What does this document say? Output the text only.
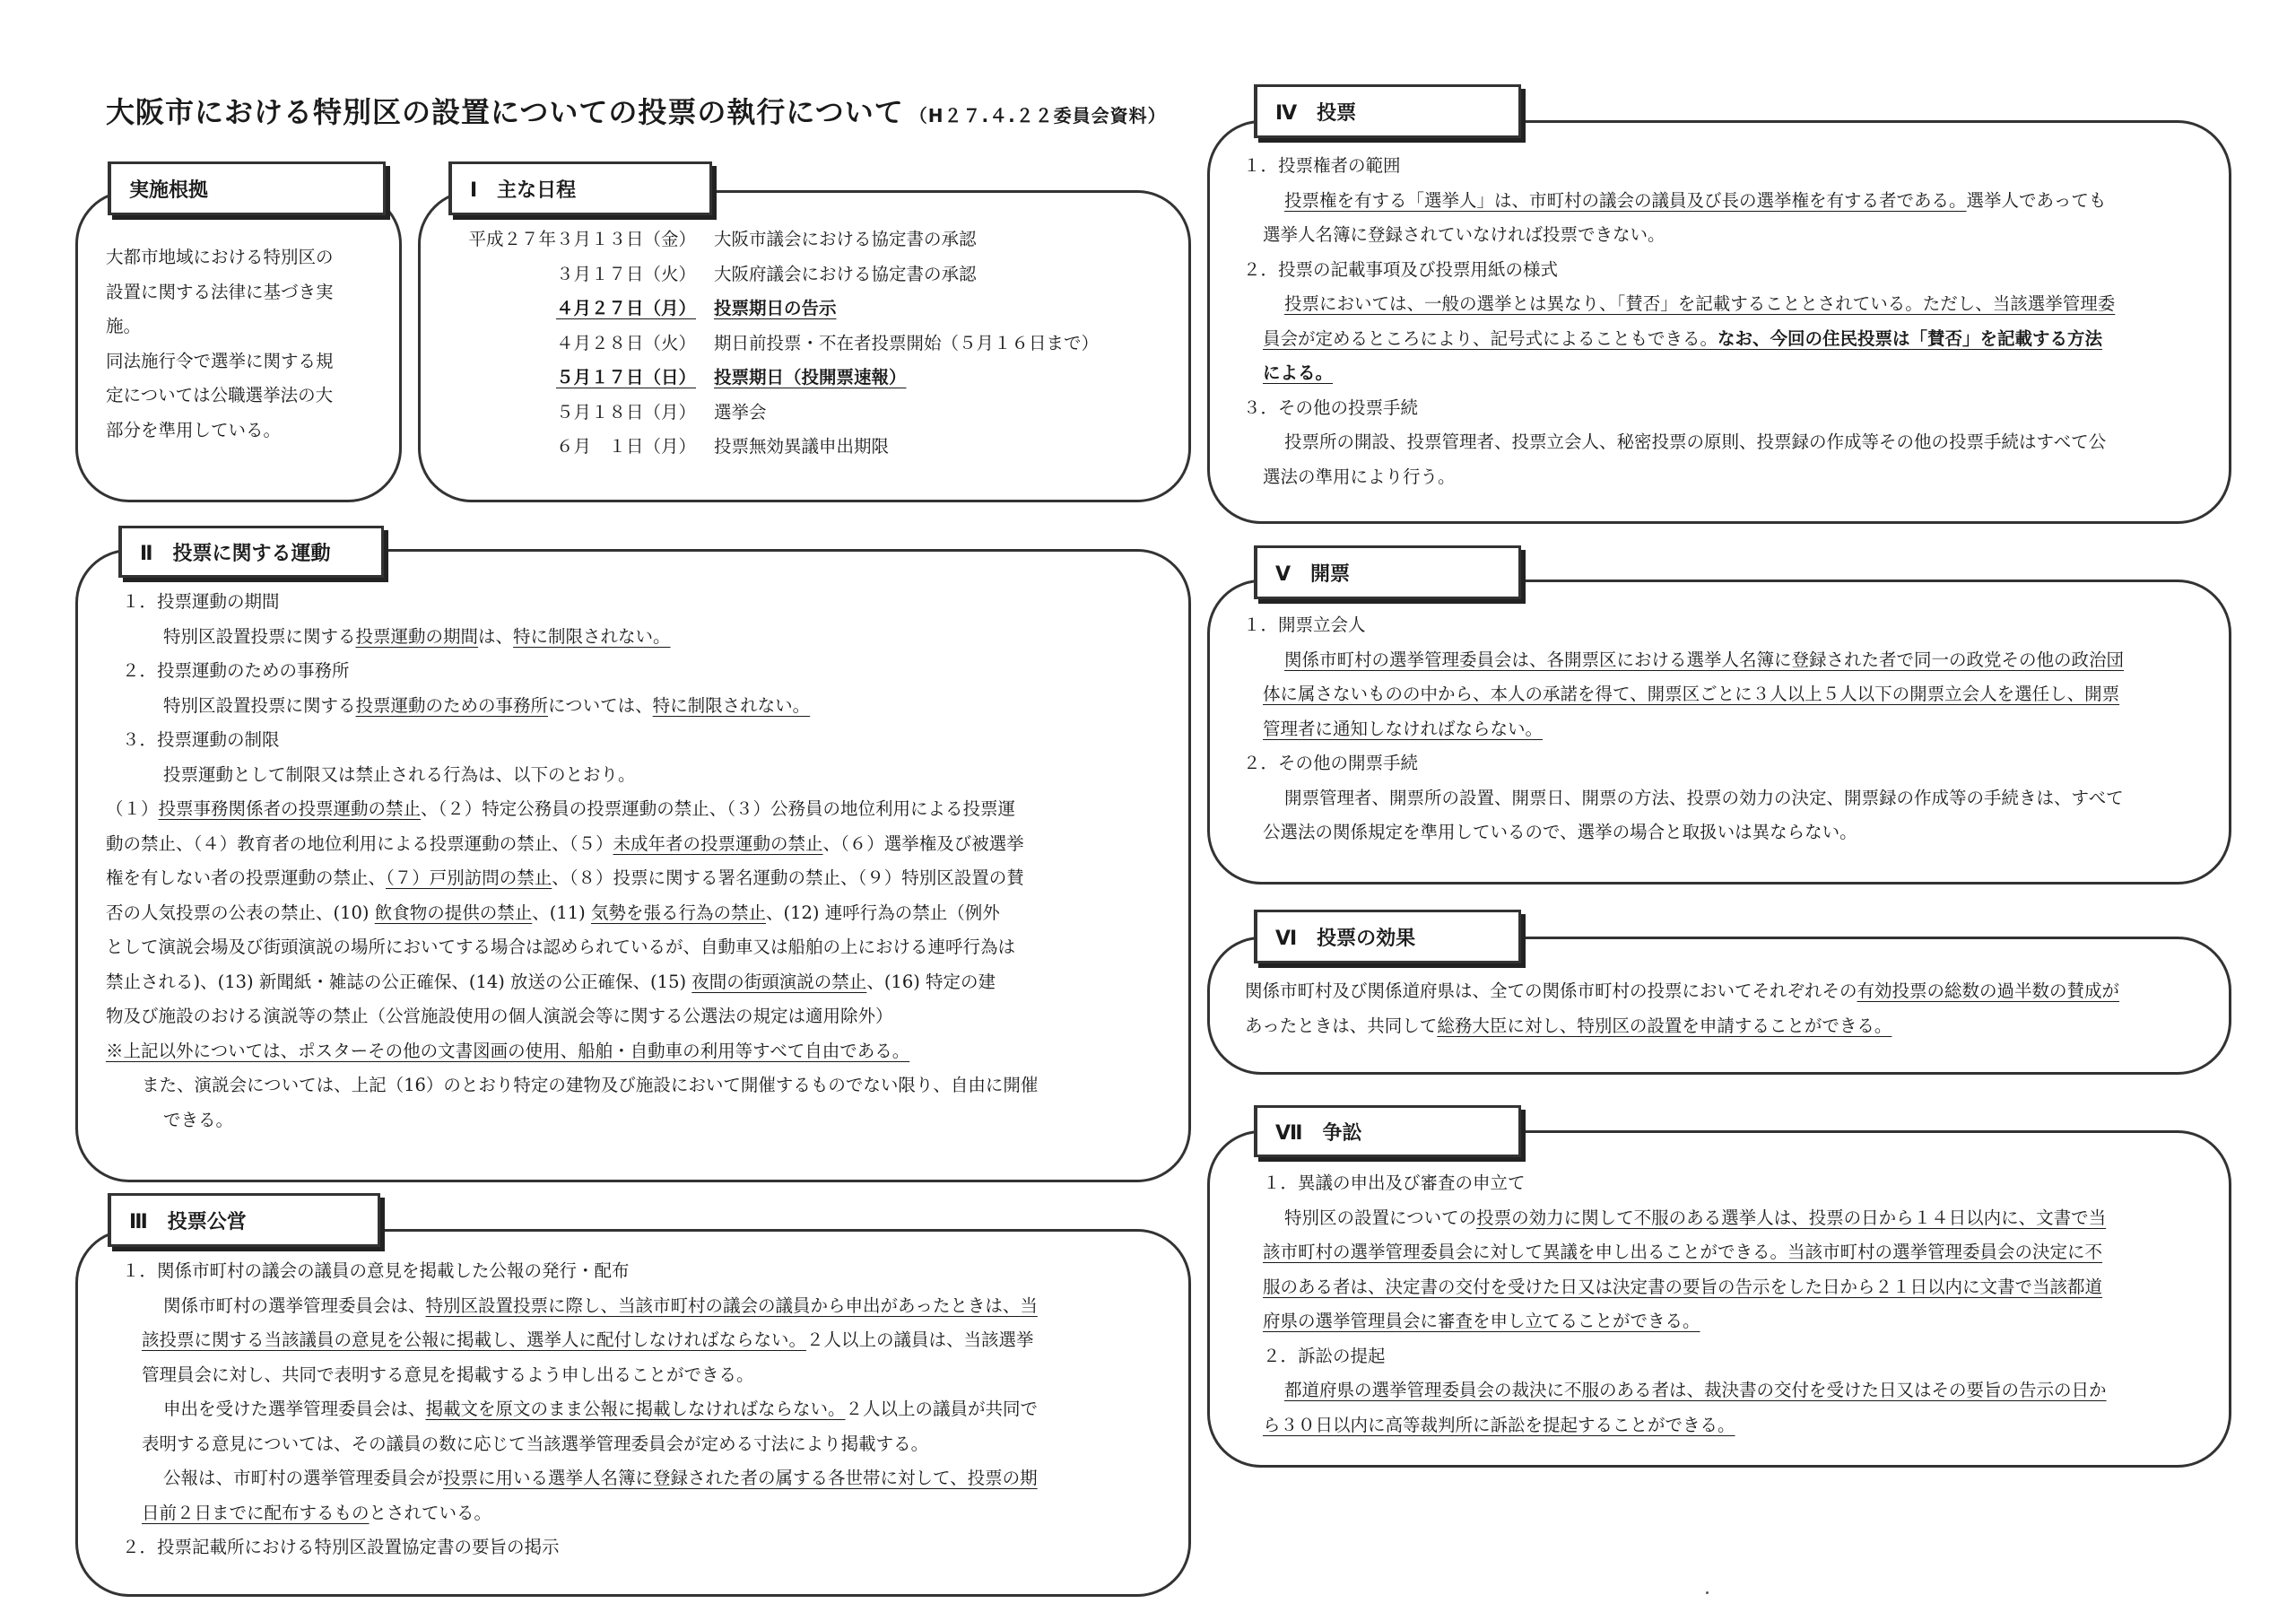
大阪市における特別区の設置についての投票の執行について （H２７.４.２２委員会資料）
実施根拠
大都市地域における特別区の
設置に関する法律に基づき実
施。
同法施行令で選挙に関する規
定については公職選挙法の大
部分を準用している。
Ⅰ　主な日程
平成２７年３月１３日（金）	大阪市議会における協定書の承認
３月１７日（火）	大阪府議会における協定書の承認
４月２７日（月）	投票期日の告示
４月２８日（火）	期日前投票・不在者投票開始（５月１６日まで）
５月１７日（日）	投票期日（投開票速報）
５月１８日（月）	選挙会
６月　１日（月）	投票無効異議申出期限
Ⅱ　投票に関する運動
１．投票運動の期間
特別区設置投票に関する投票運動の期間は、特に制限されない。
２．投票運動のための事務所
特別区設置投票に関する投票運動のための事務所については、特に制限されない。
３．投票運動の制限
投票運動として制限又は禁止される行為は、以下のとおり。
（１）投票事務関係者の投票運動の禁止、（２）特定公務員の投票運動の禁止、（３）公務員の地位利用による投票運
動の禁止、（４）教育者の地位利用による投票運動の禁止、（５）未成年者の投票運動の禁止、（６）選挙権及び被選挙
権を有しない者の投票運動の禁止、（７）戸別訪問の禁止、（８）投票に関する署名運動の禁止、（９）特別区設置の賛
否の人気投票の公表の禁止、(10) 飲食物の提供の禁止、(11) 気勢を張る行為の禁止、(12) 連呼行為の禁止（例外
として演説会場及び街頭演説の場所においてする場合は認められているが、自動車又は船舶の上における連呼行為は
禁止される)、(13) 新聞紙・雑誌の公正確保、(14) 放送の公正確保、(15) 夜間の街頭演説の禁止、(16) 特定の建
物及び施設のおける演説等の禁止（公営施設使用の個人演説会等に関する公選法の規定は適用除外）
※上記以外については、ポスターその他の文書図画の使用、船舶・自動車の利用等すべて自由である。
また、演説会については、上記（16）のとおり特定の建物及び施設において開催するものでない限り、自由に開催
できる。
Ⅲ　投票公営
１．関係市町村の議会の議員の意見を掲載した公報の発行・配布
関係市町村の選挙管理委員会は、特別区設置投票に際し、当該市町村の議会の議員から申出があったときは、当
該投票に関する当該議員の意見を公報に掲載し、選挙人に配付しなければならない。２人以上の議員は、当該選挙
管理員会に対し、共同で表明する意見を掲載するよう申し出ることができる。
申出を受けた選挙管理委員会は、掲載文を原文のまま公報に掲載しなければならない。２人以上の議員が共同で
表明する意見については、その議員の数に応じて当該選挙管理委員会が定める寸法により掲載する。
公報は、市町村の選挙管理委員会が投票に用いる選挙人名簿に登録された者の属する各世帯に対して、投票の期
日前２日までに配布するものとされている。
２．投票記載所における特別区設置協定書の要旨の掲示
Ⅳ　投票
１．投票権者の範囲
投票権を有する「選挙人」は、市町村の議会の議員及び長の選挙権を有する者である。選挙人であっても
選挙人名簿に登録されていなければ投票できない。
２．投票の記載事項及び投票用紙の様式
投票においては、一般の選挙とは異なり、「賛否」を記載することとされている。ただし、当該選挙管理委
員会が定めるところにより、記号式によることもできる。なお、今回の住民投票は「賛否」を記載する方法
による。
３．その他の投票手続
投票所の開設、投票管理者、投票立会人、秘密投票の原則、投票録の作成等その他の投票手続はすべて公
選法の準用により行う。
Ⅴ　開票
１．開票立会人
関係市町村の選挙管理委員会は、各開票区における選挙人名簿に登録された者で同一の政党その他の政治団
体に属さないものの中から、本人の承諾を得て、開票区ごとに３人以上５人以下の開票立会人を選任し、開票
管理者に通知しなければならない。
２．その他の開票手続
開票管理者、開票所の設置、開票日、開票の方法、投票の効力の決定、開票録の作成等の手続きは、すべて
公選法の関係規定を準用しているので、選挙の場合と取扱いは異ならない。
Ⅵ　投票の効果
関係市町村及び関係道府県は、全ての関係市町村の投票においてそれぞれその有効投票の総数の過半数の賛成が
あったときは、共同して総務大臣に対し、特別区の設置を申請することができる。
Ⅶ　争訟
１．異議の申出及び審査の申立て
特別区の設置についての投票の効力に関して不服のある選挙人は、投票の日から１４日以内に、文書で当
該市町村の選挙管理委員会に対して異議を申し出ることができる。当該市町村の選挙管理委員会の決定に不
服のある者は、決定書の交付を受けた日又は決定書の要旨の告示をした日から２１日以内に文書で当該都道
府県の選挙管理員会に審査を申し立てることができる。
２．訴訟の提起
都道府県の選挙管理委員会の裁決に不服のある者は、裁決書の交付を受けた日又はその要旨の告示の日か
ら３０日以内に高等裁判所に訴訟を提起することができる。
